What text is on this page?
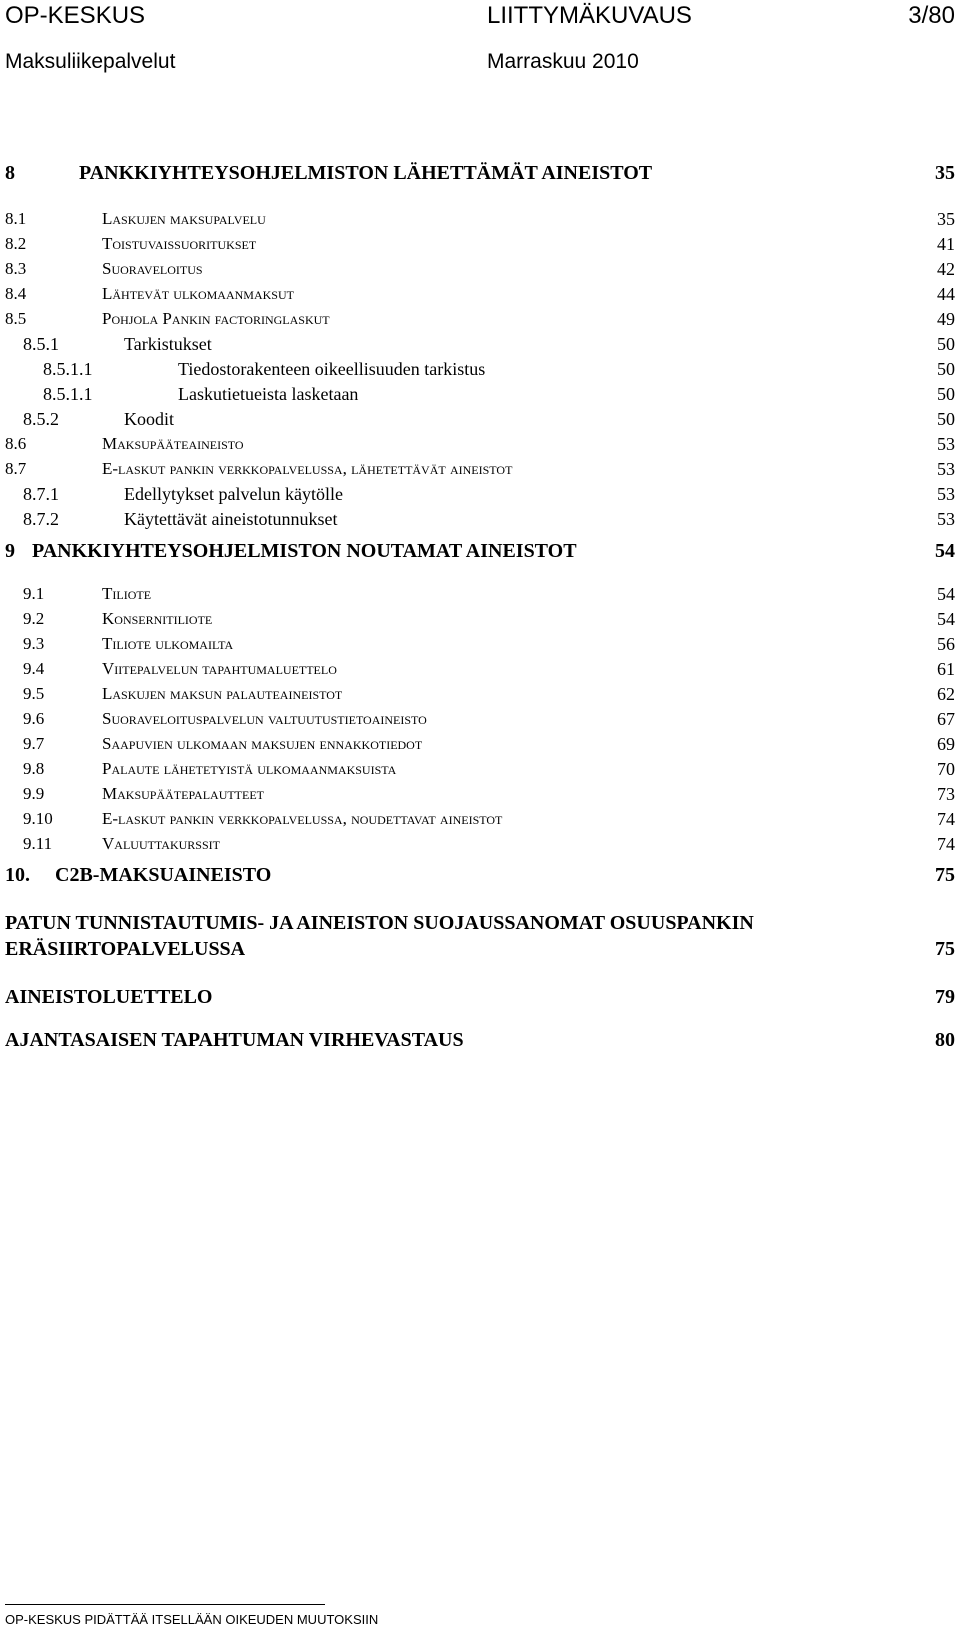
OP-KESKUS	LIITTYMÄKUVAUS	3/80
Maksuliikepalvelut	Marraskuu 2010
8	PANKKIYHTEYSOHJELMISTON LÄHETTÄMÄT AINEISTOT	35
8.1	Laskujen maksupalvelu	35
8.2	Toistuvaissuoritukset	41
8.3	Suoraveloitus	42
8.4	Lähtevät ulkomaanmaksut	44
8.5	Pohjola Pankin factoringlaskut	49
8.5.1	Tarkistukset	50
8.5.1.1	Tiedostorakenteen oikeellisuuden tarkistus	50
8.5.1.1	Laskutietueista lasketaan	50
8.5.2	Koodit	50
8.6	Maksupääteaineisto	53
8.7	E-laskut pankin verkkopalvelussa, lähetettävät aineistot	53
8.7.1	Edellytykset palvelun käytölle	53
8.7.2	Käytettävät aineistotunnukset	53
9 PANKKIYHTEYSOHJELMISTON NOUTAMAT AINEISTOT	54
9.1	Tiliote	54
9.2	Konsernitiliote	54
9.3	Tiliote ulkomailta	56
9.4	Viitepalvelun tapahtumaluettelo	61
9.5	Laskujen maksun palauteaineistot	62
9.6	Suoraveloituspalvelun valtuutustietoaineisto	67
9.7	Saapuvien ulkomaan maksujen ennakkotiedot	69
9.8	Palaute lähetetyistä ulkomaanmaksuista	70
9.9	Maksupäätepalautteet	73
9.10	E-laskut pankin verkkopalvelussa, noudettavat aineistot	74
9.11	Valuuttakurssit	74
10. C2B-MAKSUAINEISTO	75
PATUN TUNNISTAUTUMIS- JA AINEISTON SUOJAUSSANOMAT OSUUSPANKIN
ERÄSIIRTOPALVELUSSA	75
AINEISTOLUETTELO	79
AJANTASAISEN TAPAHTUMAN VIRHEVASTAUS	80
OP-KESKUS PIDÄTTÄÄ ITSELLÄÄN OIKEUDEN MUUTOKSIIN
